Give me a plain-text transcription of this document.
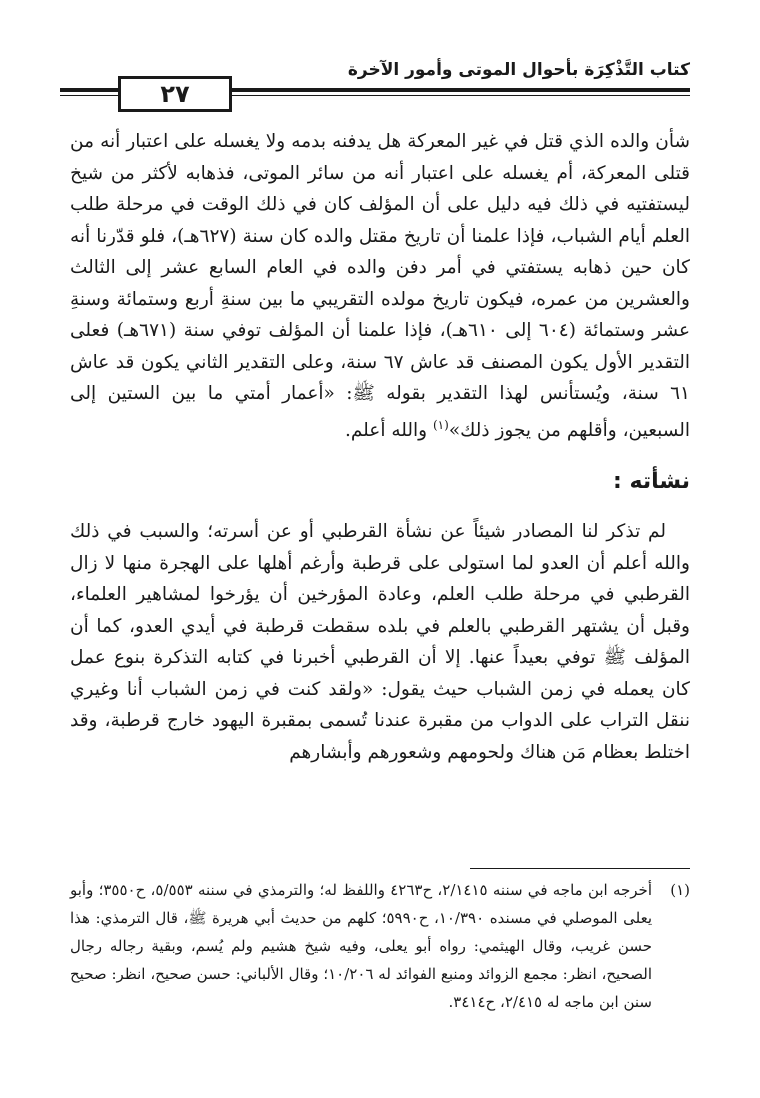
كتاب التَّذْكِرَة بأحوال الموتى وأمور الآخرة
٢٧

شأن والده الذي قتل في غير المعركة هل يدفنه بدمه ولا يغسله على اعتبار أنه من قتلى المعركة، أم يغسله على اعتبار أنه من سائر الموتى، فذهابه لأكثر من شيخ ليستفتيه في ذلك فيه دليل على أن المؤلف كان في ذلك الوقت في مرحلة طلب العلم أيام الشباب، فإذا علمنا أن تاريخ مقتل والده كان سنة (٦٢٧هـ)، فلو قدّرنا أنه كان حين ذهابه يستفتي في أمر دفن والده في العام السابع عشر إلى الثالث والعشرين من عمره، فيكون تاريخ مولده التقريبي ما بين سنةِ أربع وستمائة وسنةِ عشر وستمائة (٦٠٤ إلى ٦١٠هـ)، فإذا علمنا أن المؤلف توفي سنة (٦٧١هـ) فعلى التقدير الأول يكون المصنف قد عاش ٦٧ سنة، وعلى التقدير الثاني يكون قد عاش ٦١ سنة، ويُستأنس لهذا التقدير بقوله ﷺ: «أعمار أمتي ما بين الستين إلى السبعين، وأقلهم من يجوز ذلك»$^{(١)}$ والله أعلم.

نشأته :

لم تذكر لنا المصادر شيئاً عن نشأة القرطبي أو عن أسرته؛ والسبب في ذلك والله أعلم أن العدو لما استولى على قرطبة وأرغم أهلها على الهجرة منها لا زال القرطبي في مرحلة طلب العلم، وعادة المؤرخين أن يؤرخوا لمشاهير العلماء، وقبل أن يشتهر القرطبي بالعلم في بلده سقطت قرطبة في أيدي العدو، كما أن المؤلف ﷺ توفي بعيداً عنها. إلا أن القرطبي أخبرنا في كتابه التذكرة بنوع عمل كان يعمله في زمن الشباب حيث يقول: «ولقد كنت في زمن الشباب أنا وغيري ننقل التراب على الدواب من مقبرة عندنا تُسمى بمقبرة اليهود خارج قرطبة، وقد اختلط بعظام مَن هناك ولحومهم وشعورهم وأبشارهم

(١)

أخرجه ابن ماجه في سننه ٢/١٤١٥، ح٤٢٦٣ واللفظ له؛ والترمذي في سننه ٥/٥٥٣، ح٣٥٥٠؛ وأبو يعلى الموصلي في مسنده ١٠/٣٩٠، ح٥٩٩٠؛ كلهم من حديث أبي هريرة ﷺ، قال الترمذي: هذا حسن غريب، وقال الهيثمي: رواه أبو يعلى، وفيه شيخ هشيم ولم يُسم، وبقية رجاله رجال الصحيح، انظر: مجمع الزوائد ومنبع الفوائد له ١٠/٢٠٦؛ وقال الألباني: حسن صحيح، انظر: صحيح سنن ابن ماجه له ٢/٤١٥، ح٣٤١٤.
